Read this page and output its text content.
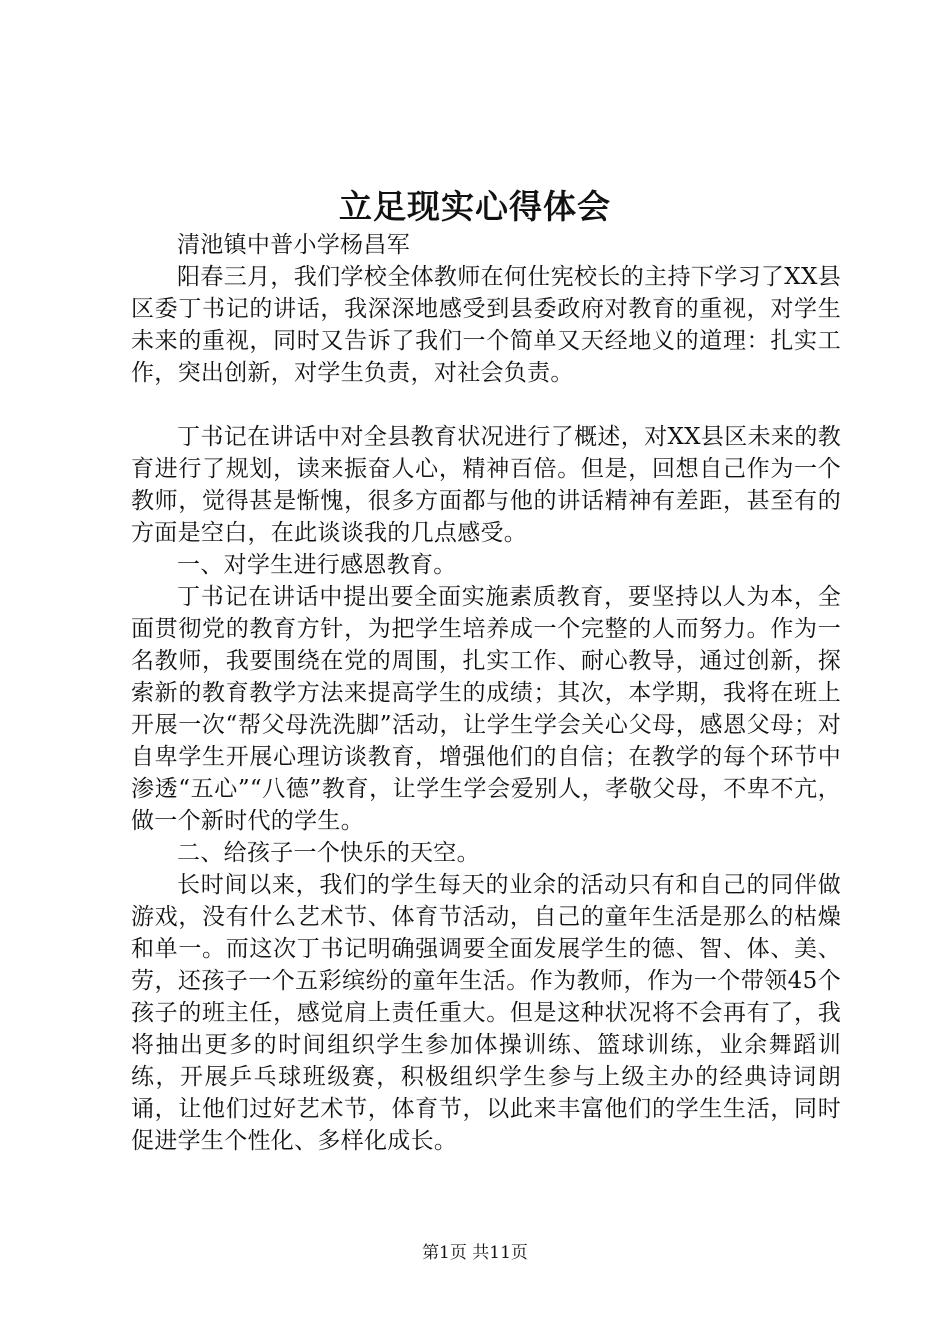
立足现实心得体会

清池镇中普小学杨昌军

阳春三月，我们学校全体教师在何仕宪校长的主持下学习了XX县区委丁书记的讲话，我深深地感受到县委政府对教育的重视，对学生未来的重视，同时又告诉了我们一个简单又天经地义的道理：扎实工作，突出创新，对学生负责，对社会负责。

丁书记在讲话中对全县教育状况进行了概述，对XX县区未来的教育进行了规划，读来振奋人心，精神百倍。但是，回想自己作为一个教师，觉得甚是惭愧，很多方面都与他的讲话精神有差距，甚至有的方面是空白，在此谈谈我的几点感受。

一、对学生进行感恩教育。

丁书记在讲话中提出要全面实施素质教育，要坚持以人为本，全面贯彻党的教育方针，为把学生培养成一个完整的人而努力。作为一名教师，我要围绕在党的周围，扎实工作、耐心教导，通过创新，探索新的教育教学方法来提高学生的成绩；其次，本学期，我将在班上开展一次“帮父母洗洗脚”活动，让学生学会关心父母，感恩父母；对自卑学生开展心理访谈教育，增强他们的自信；在教学的每个环节中渗透“五心”“八德”教育，让学生学会爱别人，孝敬父母，不卑不亢，做一个新时代的学生。

二、给孩子一个快乐的天空。

长时间以来，我们的学生每天的业余的活动只有和自己的同伴做游戏，没有什么艺术节、体育节活动，自己的童年生活是那么的枯燥和单一。而这次丁书记明确强调要全面发展学生的德、智、体、美、劳，还孩子一个五彩缤纷的童年生活。作为教师，作为一个带领45个孩子的班主任，感觉肩上责任重大。但是这种状况将不会再有了，我将抽出更多的时间组织学生参加体操训练、篮球训练，业余舞蹈训练，开展乒乓球班级赛，积极组织学生参与上级主办的经典诗词朗诵，让他们过好艺术节，体育节，以此来丰富他们的学生生活，同时促进学生个性化、多样化成长。

第1页 共11页
